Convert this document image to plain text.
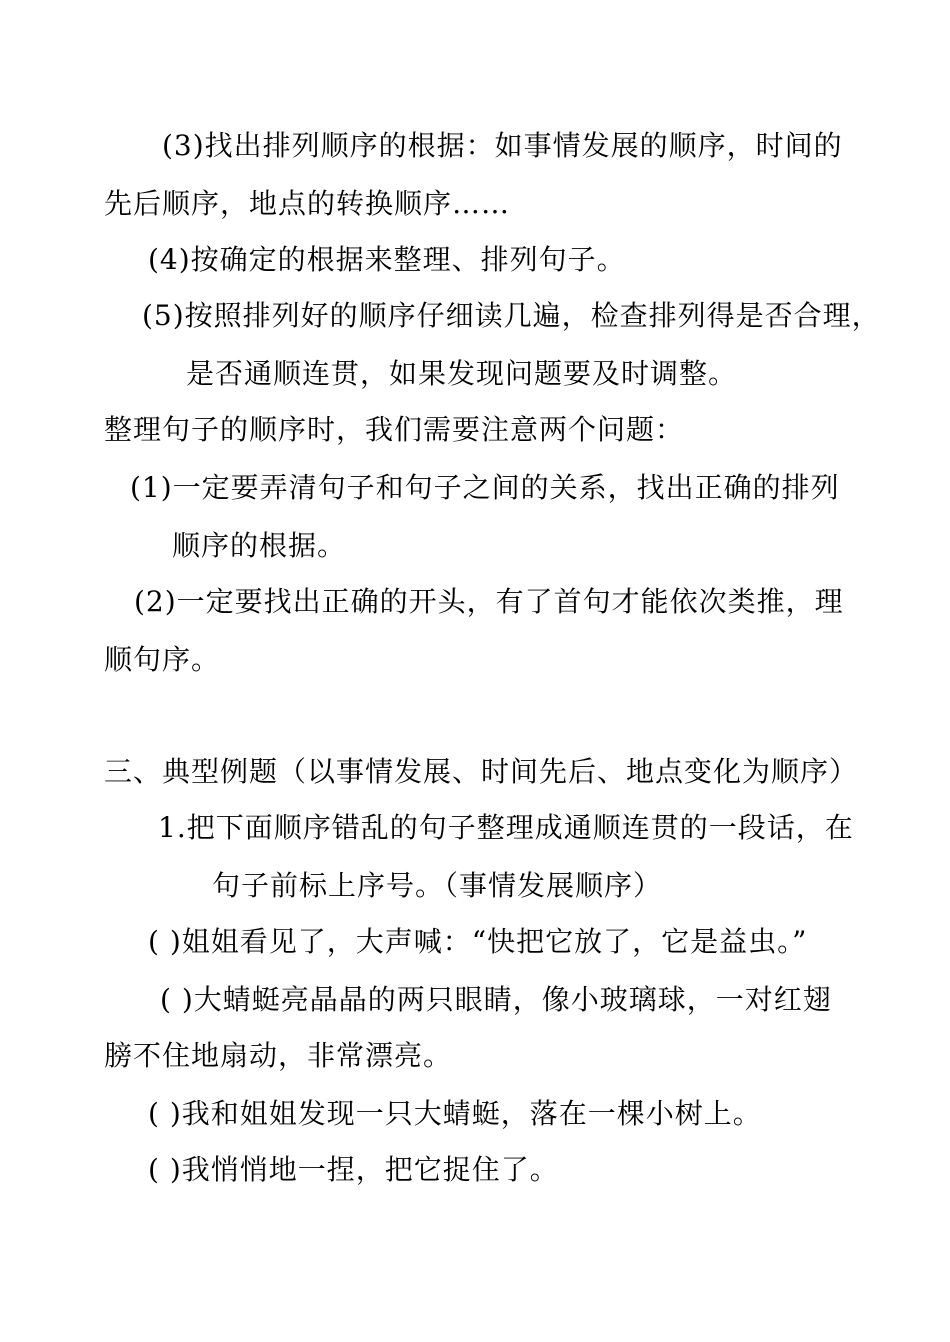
(3)找出排列顺序的根据：如事情发展的顺序，时间的
先后顺序，地点的转换顺序……
(4)按确定的根据来整理、排列句子。
(5)按照排列好的顺序仔细读几遍，检查排列得是否合理，
是否通顺连贯，如果发现问题要及时调整。
整理句子的顺序时，我们需要注意两个问题：
(1)一定要弄清句子和句子之间的关系，找出正确的排列
顺序的根据。
(2)一定要找出正确的开头，有了首句才能依次类推，理
顺句序。
三、典型例题（以事情发展、时间先后、地点变化为顺序）
1.把下面顺序错乱的句子整理成通顺连贯的一段话，在
句子前标上序号。（事情发展顺序）
( )姐姐看见了，大声喊：“快把它放了，它是益虫。”
( )大蜻蜓亮晶晶的两只眼睛，像小玻璃球，一对红翅
膀不住地扇动，非常漂亮。
( )我和姐姐发现一只大蜻蜓，落在一棵小树上。
( )我悄悄地一捏，把它捉住了。
